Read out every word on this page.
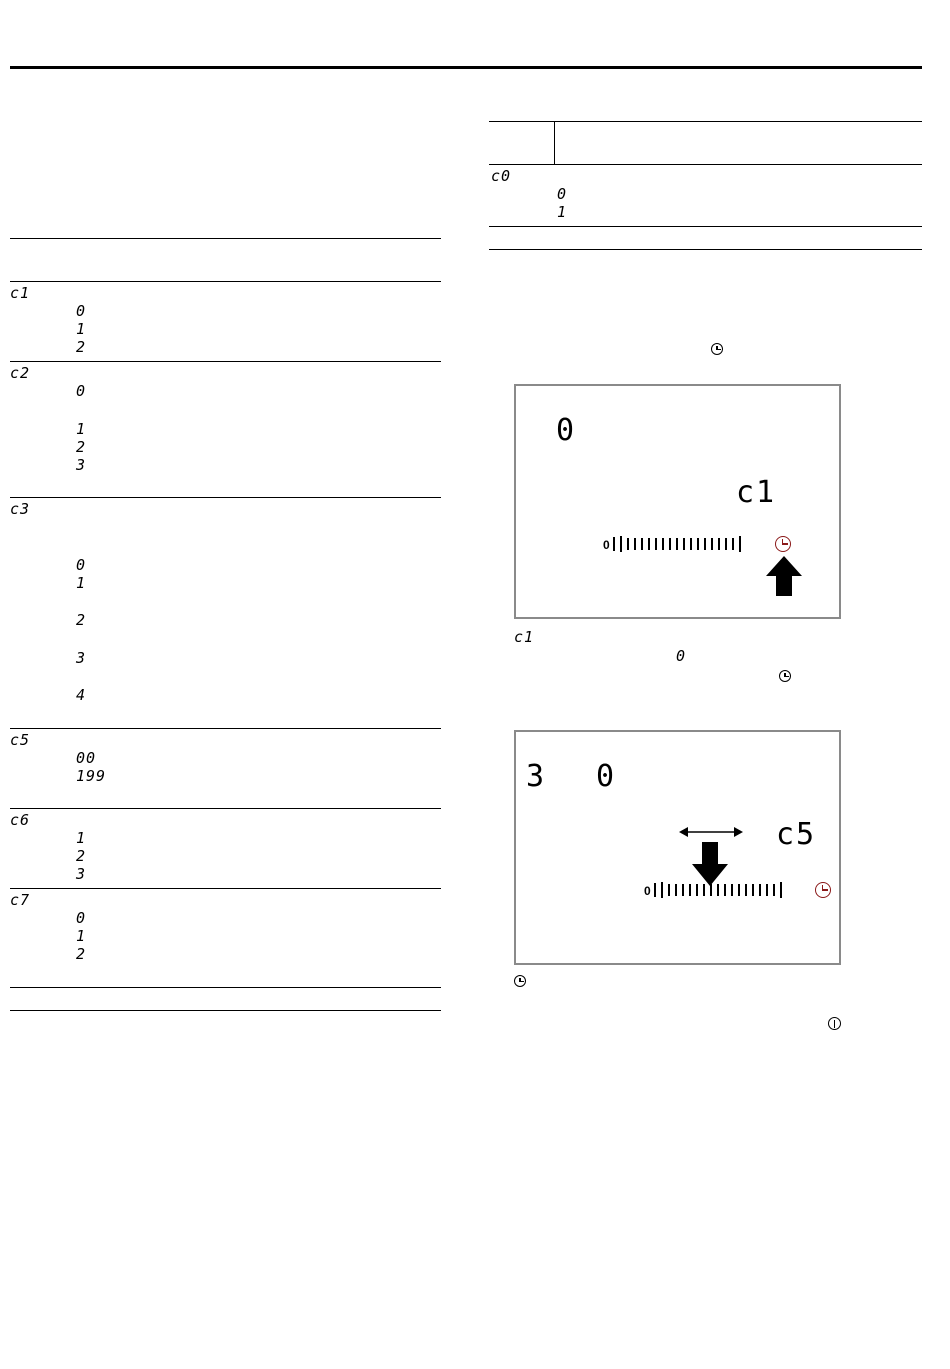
c1
0
1
2
c2
0
1
2
3
c3
0
1
2
3
4
c5
00
199
c6
1
2
3
c7
0
1
2
c0
0
1
0
c1
0
c1
0
3 0
c5
0
